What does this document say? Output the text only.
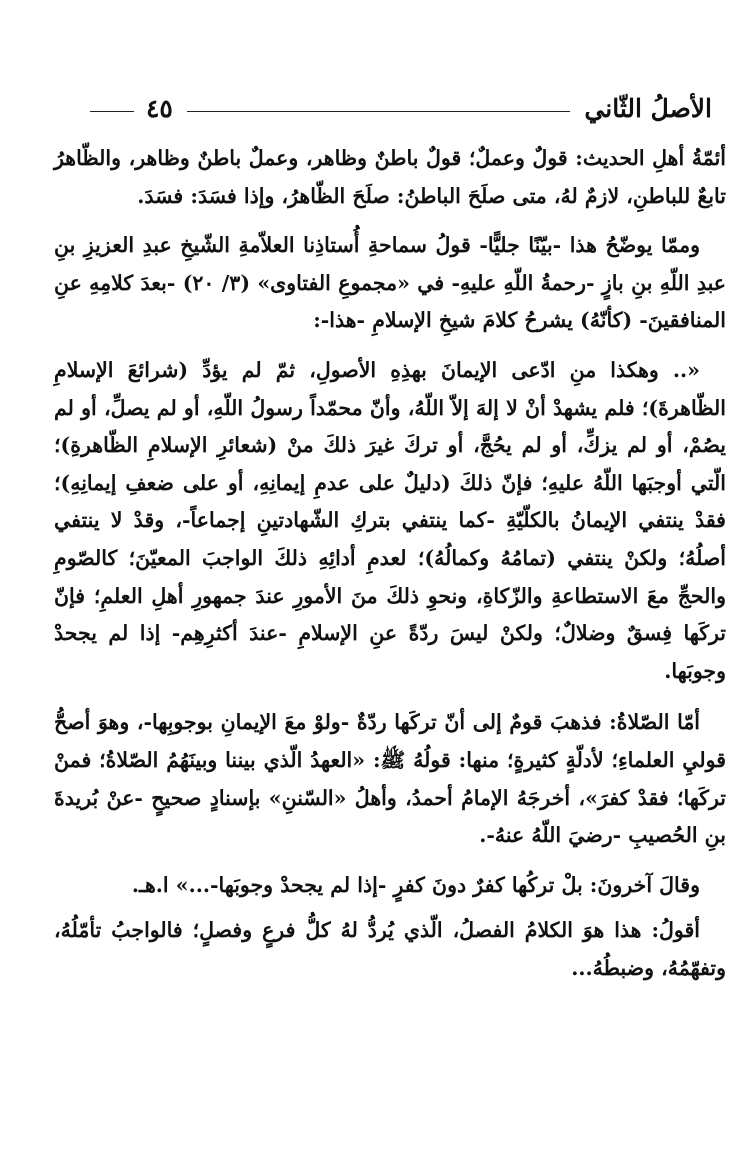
الأصلُ الثّاني
٤٥

أئمّةُ أهلِ الحديث: قولٌ وعملٌ؛ قولٌ باطنٌ وظاهر، وعملٌ باطنٌ وظاهر، والظّاهرُ تابعٌ للباطنِ، لازمٌ لهُ، متى صلَحَ الباطنُ: صلَحَ الظّاهرُ، وإذا فسَدَ: فسَدَ.

وممّا يوضّحُ هذا -بيّنًا جليًّا- قولُ سماحةِ أُستاذِنا العلاّمةِ الشّيخِ عبدِ العزيزِ بنِ عبدِ اللّهِ بنِ بازٍ -رحمةُ اللّهِ عليهِ- في «مجموعِ الفتاوى» (٣/ ٢٠) -بعدَ كلامِهِ عنِ المنافقينَ- (كأنّهُ) يشرحُ كلامَ شيخِ الإسلامِ -هذا-:

«.. وهكذا منِ ادّعى الإيمانَ بهذِهِ الأصولِ، ثمّ لم يؤدِّ (شرائعَ الإسلامِ الظّاهرةَ)؛ فلم يشهدْ أنْ لا إلهَ إلاّ اللّهُ، وأنّ محمّداً رسولُ اللّهِ، أو لم يصلِّ، أو لم يصُمْ، أو لم يزكِّ، أو لم يحُجَّ، أو تركَ غيرَ ذلكَ منْ (شعائرِ الإسلامِ الظّاهرةِ)؛ الّتي أوجبَها اللّهُ عليهِ؛ فإنّ ذلكَ (دليلٌ على عدمِ إيمانِهِ، أو على ضعفِ إيمانِهِ)؛ فقدْ ينتفي الإيمانُ بالكلّيّةِ -كما ينتفي بتركِ الشّهادتينِ إجماعاً-، وقدْ لا ينتفي أصلُهُ؛ ولكنْ ينتفي (تمامُهُ وكمالُهُ)؛ لعدمِ أدائِهِ ذلكَ الواجبَ المعيّنَ؛ كالصّومِ والحجِّ معَ الاستطاعةِ والزّكاةِ، ونحوِ ذلكَ منَ الأمورِ عندَ جمهورِ أهلِ العلمِ؛ فإنّ تركَها فِسقٌ وضلالٌ؛ ولكنْ ليسَ ردّةً عنِ الإسلامِ -عندَ أكثرِهِم- إذا لم يجحدْ وجوبَها.

أمّا الصّلاةُ: فذهبَ قومٌ إلى أنّ تركَها ردّةٌ -ولوْ معَ الإيمانِ بوجوبِها-، وهوَ أصحُّ قوليِ العلماءِ؛ لأدلّةٍ كثيرةٍ؛ منها: قولُهُ ﷺ: «العهدُ الّذي بيننا وبينَهُمُ الصّلاةُ؛ فمنْ تركَها؛ فقدْ كفرَ»، أخرجَهُ الإمامُ أحمدُ، وأهلُ «السّننِ» بإسنادٍ صحيحٍ -عنْ بُريدةَ بنِ الحُصيبِ -رضيَ اللّهُ عنهُ-.

وقالَ آخرونَ: بلْ تركُها كفرٌ دونَ كفرٍ -إذا لم يجحدْ وجوبَها-...» ا.هـ.

أقولُ: هذا هوَ الكلامُ الفصلُ، الّذي يُردُّ لهُ كلُّ فرعٍ وفصلٍ؛ فالواجبُ تأمّلُهُ، وتفهّمُهُ، وضبطُهُ...
